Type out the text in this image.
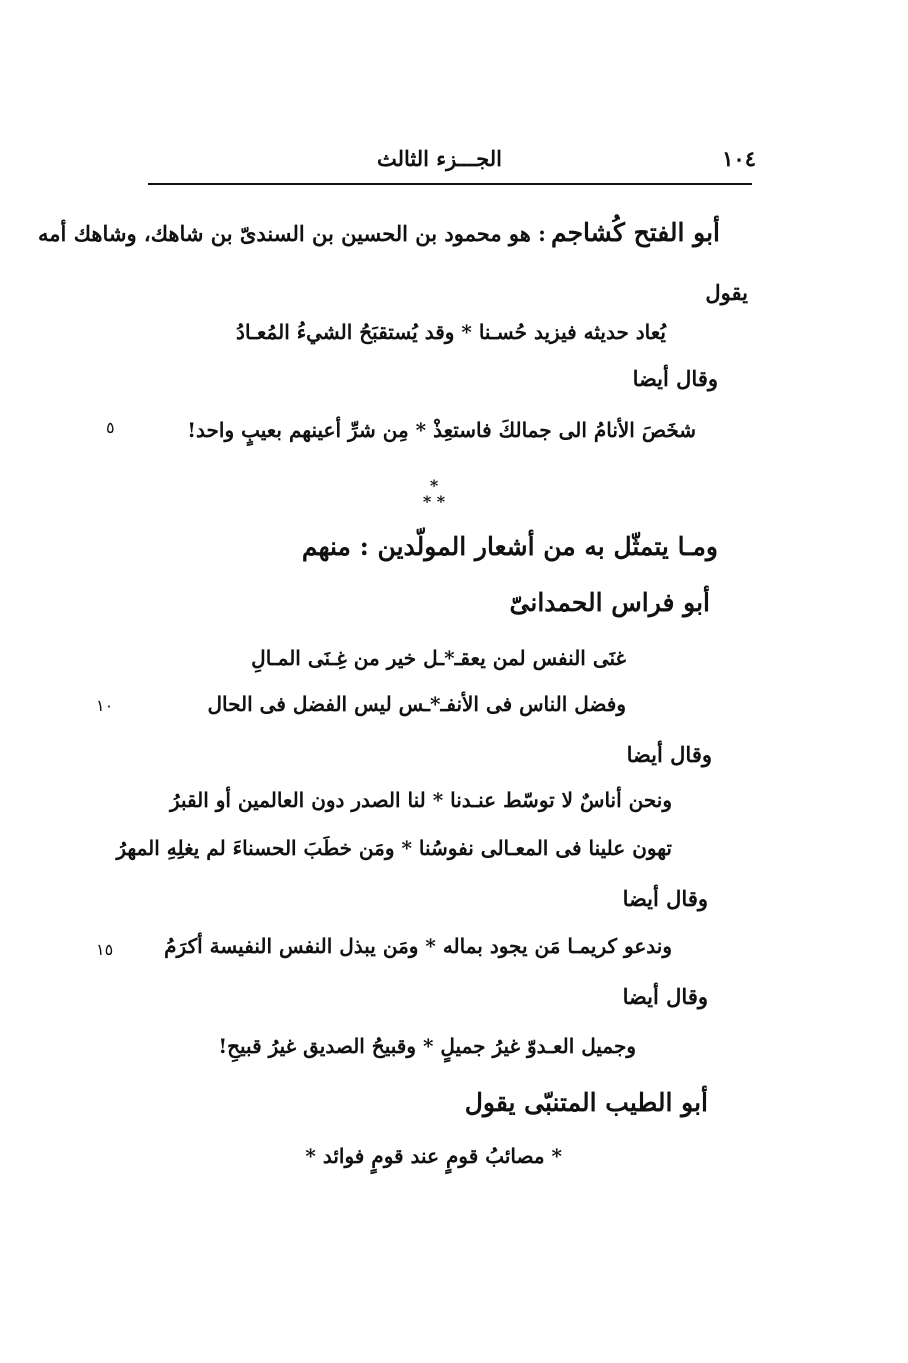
١٠٤
الجـــزء الثالث
أبو الفتح كُشاجم : هو محمود بن الحسين بن السندىّ بن شاهك، وشاهك أمه
يقول
يُعاد حديثه فيزيد حُسـنا * وقد يُستقبَحُ الشيءُ المُعـادُ
وقال أيضا
شخَصَ الأنامُ الى جمالكَ فاستعِذْ * مِن شرِّ أعينهم بعيبٍ واحد!
٥
*
* *
ومـا يتمثّل به من أشعار المولّدين : منهم
أبو فراس الحمدانىّ
غنَى النفس لمن يعقـ*ـل خير من غِـنَى المـالِ
وفضل الناس فى الأنفـ*ـس ليس الفضل فى الحال
١٠
وقال أيضا
ونحن أناسٌ لا توسّط عنـدنا * لنا الصدر دون العالمين أو القبرُ
تهون علينا فى المعـالى نفوسُنا * ومَن خطَبَ الحسناءَ لم يغلِهِ المهرُ
وقال أيضا
وندعو كريمـا مَن يجود بماله * ومَن يبذل النفس النفيسة أكرَمُ
١٥
وقال أيضا
وجميل العـدوّ غيرُ جميلٍ * وقبيحُ الصديق غيرُ قبيحِ!
أبو الطيب المتنبّى يقول
* مصائبُ قومٍ عند قومٍ فوائد *
